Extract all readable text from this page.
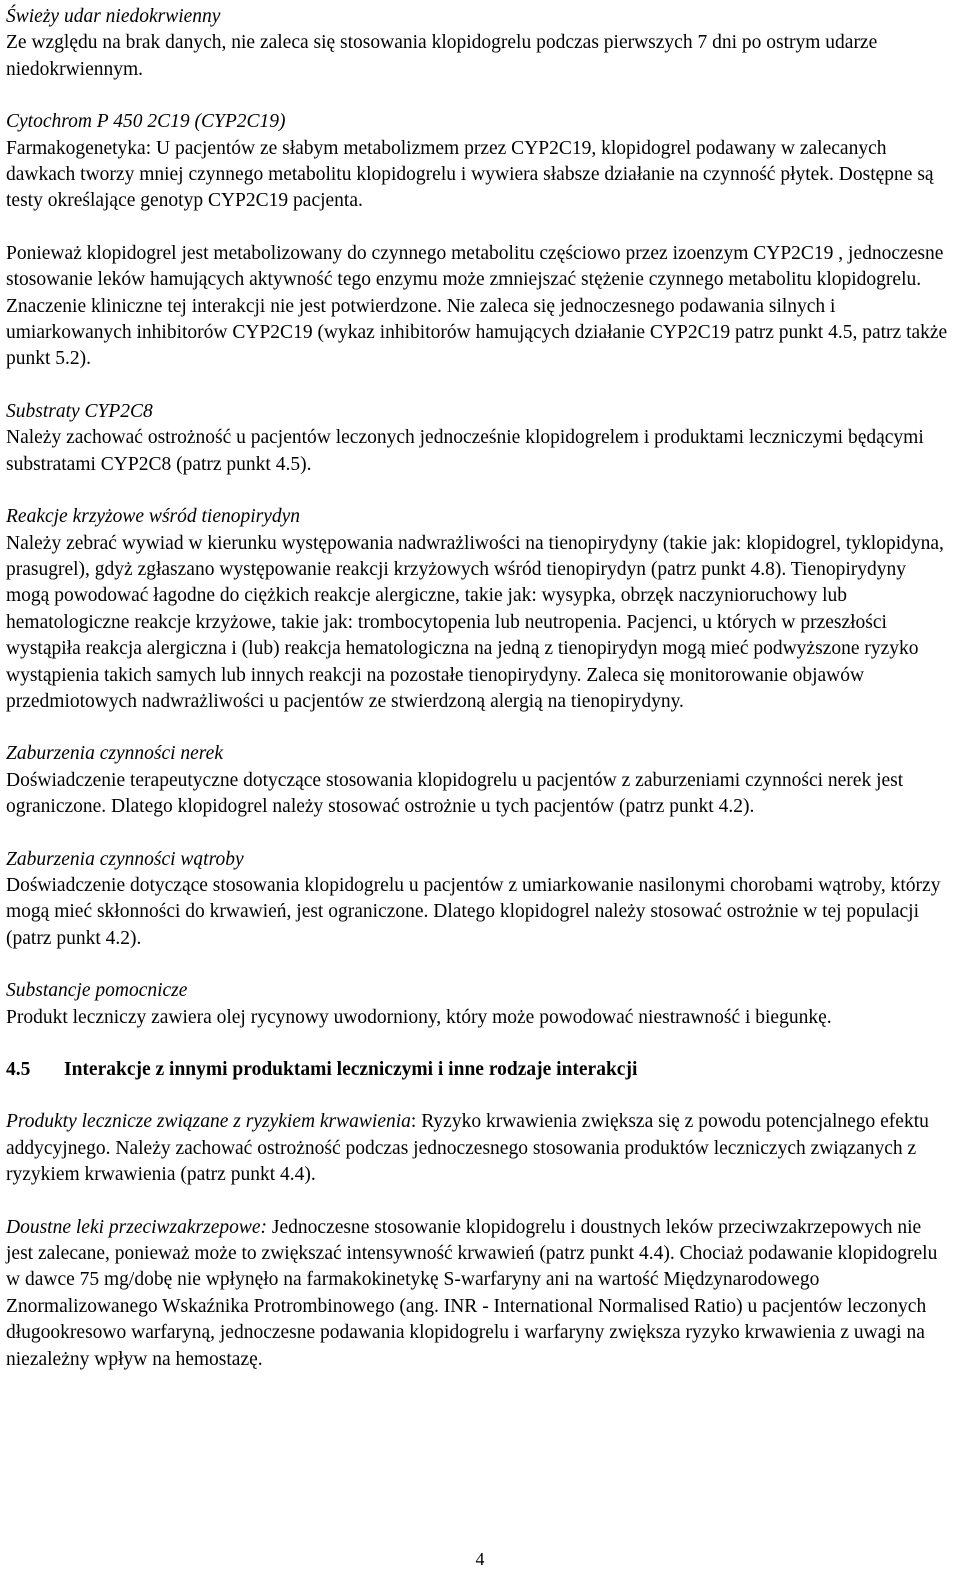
Świeży udar niedokrwienny

Ze względu na brak danych, nie zaleca się stosowania klopidogrelu podczas pierwszych 7 dni po ostrym udarze niedokrwiennym.

Cytochrom P 450 2C19 (CYP2C19)

Farmakogenetyka: U pacjentów ze słabym metabolizmem przez CYP2C19, klopidogrel podawany w zalecanych dawkach tworzy mniej czynnego metabolitu klopidogrelu i wywiera słabsze działanie na czynność płytek. Dostępne są testy określające genotyp CYP2C19 pacjenta.

Ponieważ klopidogrel jest metabolizowany do czynnego metabolitu częściowo przez izoenzym CYP2C19 , jednoczesne stosowanie leków hamujących aktywność tego enzymu może zmniejszać stężenie czynnego metabolitu klopidogrelu. Znaczenie kliniczne tej interakcji nie jest potwierdzone. Nie zaleca się jednoczesnego podawania silnych i umiarkowanych inhibitorów CYP2C19 (wykaz inhibitorów hamujących działanie CYP2C19 patrz punkt 4.5, patrz także punkt 5.2).

Substraty CYP2C8

Należy zachować ostrożność u pacjentów leczonych jednocześnie klopidogrelem i produktami leczniczymi będącymi substratami CYP2C8 (patrz punkt 4.5).

Reakcje krzyżowe wśród tienopirydyn

Należy zebrać wywiad w kierunku występowania nadwrażliwości na tienopirydyny (takie jak: klopidogrel, tyklopidyna, prasugrel), gdyż zgłaszano występowanie reakcji krzyżowych wśród tienopirydyn (patrz punkt 4.8). Tienopirydyny mogą powodować łagodne do ciężkich reakcje alergiczne, takie jak: wysypka, obrzęk naczynioruchowy lub hematologiczne reakcje krzyżowe, takie jak: trombocytopenia lub neutropenia. Pacjenci, u których w przeszłości wystąpiła reakcja alergiczna i (lub) reakcja hematologiczna na jedną z tienopirydyn mogą mieć podwyższone ryzyko wystąpienia takich samych lub innych reakcji na pozostałe tienopirydyny. Zaleca się monitorowanie objawów przedmiotowych nadwrażliwości u pacjentów ze stwierdzoną alergią na tienopirydyny.

Zaburzenia czynności nerek

Doświadczenie terapeutyczne dotyczące stosowania klopidogrelu u pacjentów z zaburzeniami czynności nerek jest ograniczone. Dlatego klopidogrel należy stosować ostrożnie u tych pacjentów (patrz punkt 4.2).

Zaburzenia czynności wątroby

Doświadczenie dotyczące stosowania klopidogrelu u pacjentów z umiarkowanie nasilonymi chorobami wątroby, którzy mogą mieć skłonności do krwawień, jest ograniczone. Dlatego klopidogrel należy stosować ostrożnie w tej populacji (patrz punkt 4.2).

Substancje pomocnicze

Produkt leczniczy zawiera olej rycynowy uwodorniony, który może powodować niestrawność i biegunkę.

4.5 Interakcje z innymi produktami leczniczymi i inne rodzaje interakcji

Produkty lecznicze związane z ryzykiem krwawienia: Ryzyko krwawienia zwiększa się z powodu potencjalnego efektu addycyjnego. Należy zachować ostrożność podczas jednoczesnego stosowania produktów leczniczych związanych z ryzykiem krwawienia (patrz punkt 4.4).

Doustne leki przeciwzakrzepowe: Jednoczesne stosowanie klopidogrelu i doustnych leków przeciwzakrzepowych nie jest zalecane, ponieważ może to zwiększać intensywność krwawień (patrz punkt 4.4). Chociaż podawanie klopidogrelu w dawce 75 mg/dobę nie wpłynęło na farmakokinetykę S-warfaryny ani na wartość Międzynarodowego Znormalizowanego Wskaźnika Protrombinowego (ang. INR - International Normalised Ratio) u pacjentów leczonych długookresowo warfaryną, jednoczesne podawania klopidogrelu i warfaryny zwiększa ryzyko krwawienia z uwagi na niezależny wpływ na hemostazę.

4
